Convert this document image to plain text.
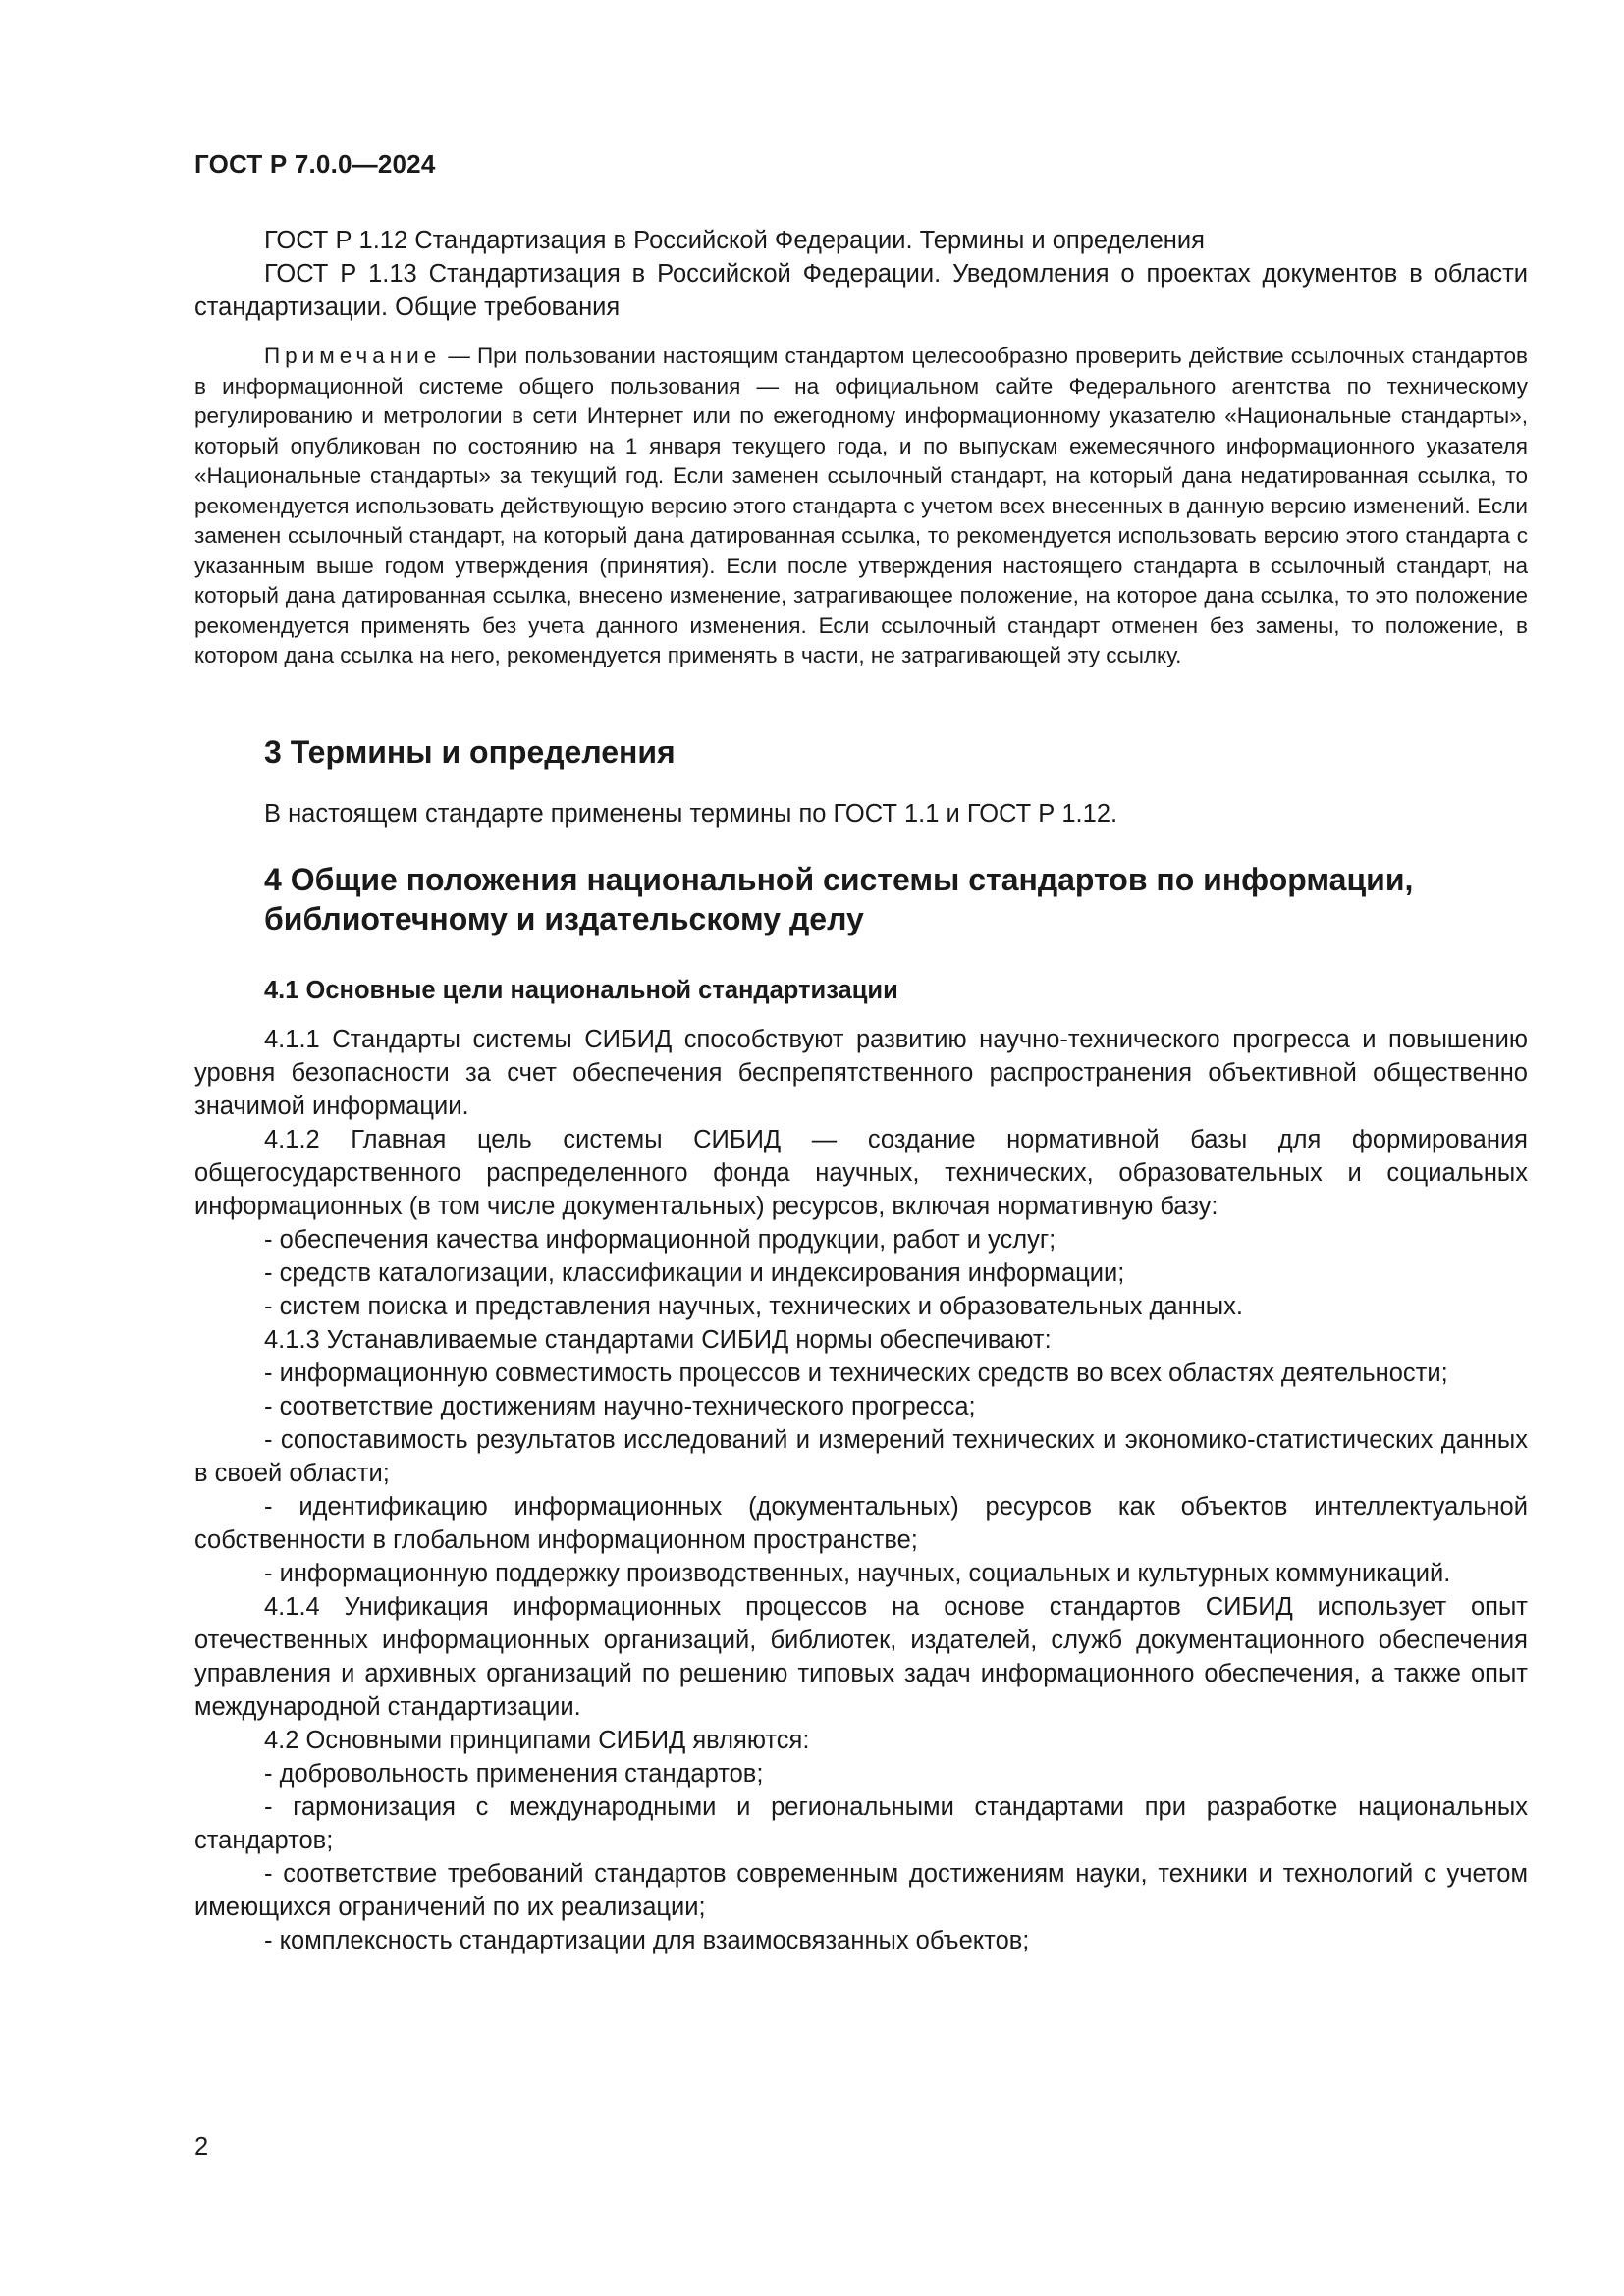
ГОСТ Р 7.0.0—2024

ГОСТ Р 1.12 Стандартизация в Российской Федерации. Термины и определения

ГОСТ Р 1.13 Стандартизация в Российской Федерации. Уведомления о проектах документов в области стандартизации. Общие требования

Примечание — При пользовании настоящим стандартом целесообразно проверить действие ссылочных стандартов в информационной системе общего пользования — на официальном сайте Федерального агентства по техническому регулированию и метрологии в сети Интернет или по ежегодному информационному указателю «Национальные стандарты», который опубликован по состоянию на 1 января текущего года, и по выпускам ежемесячного информационного указателя «Национальные стандарты» за текущий год. Если заменен ссылочный стандарт, на который дана недатированная ссылка, то рекомендуется использовать действующую версию этого стандарта с учетом всех внесенных в данную версию изменений. Если заменен ссылочный стандарт, на который дана датированная ссылка, то рекомендуется использовать версию этого стандарта с указанным выше годом утверждения (принятия). Если после утверждения настоящего стандарта в ссылочный стандарт, на который дана датированная ссылка, внесено изменение, затрагивающее положение, на которое дана ссылка, то это положение рекомендуется применять без учета данного изменения. Если ссылочный стандарт отменен без замены, то положение, в котором дана ссылка на него, рекомендуется применять в части, не затрагивающей эту ссылку.

3 Термины и определения

В настоящем стандарте применены термины по ГОСТ 1.1 и ГОСТ Р 1.12.

4 Общие положения национальной системы стандартов по информации, библиотечному и издательскому делу
4.1 Основные цели национальной стандартизации

4.1.1 Стандарты системы СИБИД способствуют развитию научно-технического прогресса и повышению уровня безопасности за счет обеспечения беспрепятственного распространения объективной общественно значимой информации.

4.1.2 Главная цель системы СИБИД — создание нормативной базы для формирования общегосударственного распределенного фонда научных, технических, образовательных и социальных информационных (в том числе документальных) ресурсов, включая нормативную базу:

- обеспечения качества информационной продукции, работ и услуг;

- средств каталогизации, классификации и индексирования информации;

- систем поиска и представления научных, технических и образовательных данных.

4.1.3 Устанавливаемые стандартами СИБИД нормы обеспечивают:

- информационную совместимость процессов и технических средств во всех областях деятельности;

- соответствие достижениям научно-технического прогресса;

- сопоставимость результатов исследований и измерений технических и экономико-статистических данных в своей области;

- идентификацию информационных (документальных) ресурсов как объектов интеллектуальной собственности в глобальном информационном пространстве;

- информационную поддержку производственных, научных, социальных и культурных коммуникаций.

4.1.4 Унификация информационных процессов на основе стандартов СИБИД использует опыт отечественных информационных организаций, библиотек, издателей, служб документационного обеспечения управления и архивных организаций по решению типовых задач информационного обеспечения, а также опыт международной стандартизации.

4.2 Основными принципами СИБИД являются:

- добровольность применения стандартов;

- гармонизация с международными и региональными стандартами при разработке национальных стандартов;

- соответствие требований стандартов современным достижениям науки, техники и технологий с учетом имеющихся ограничений по их реализации;

- комплексность стандартизации для взаимосвязанных объектов;

2
